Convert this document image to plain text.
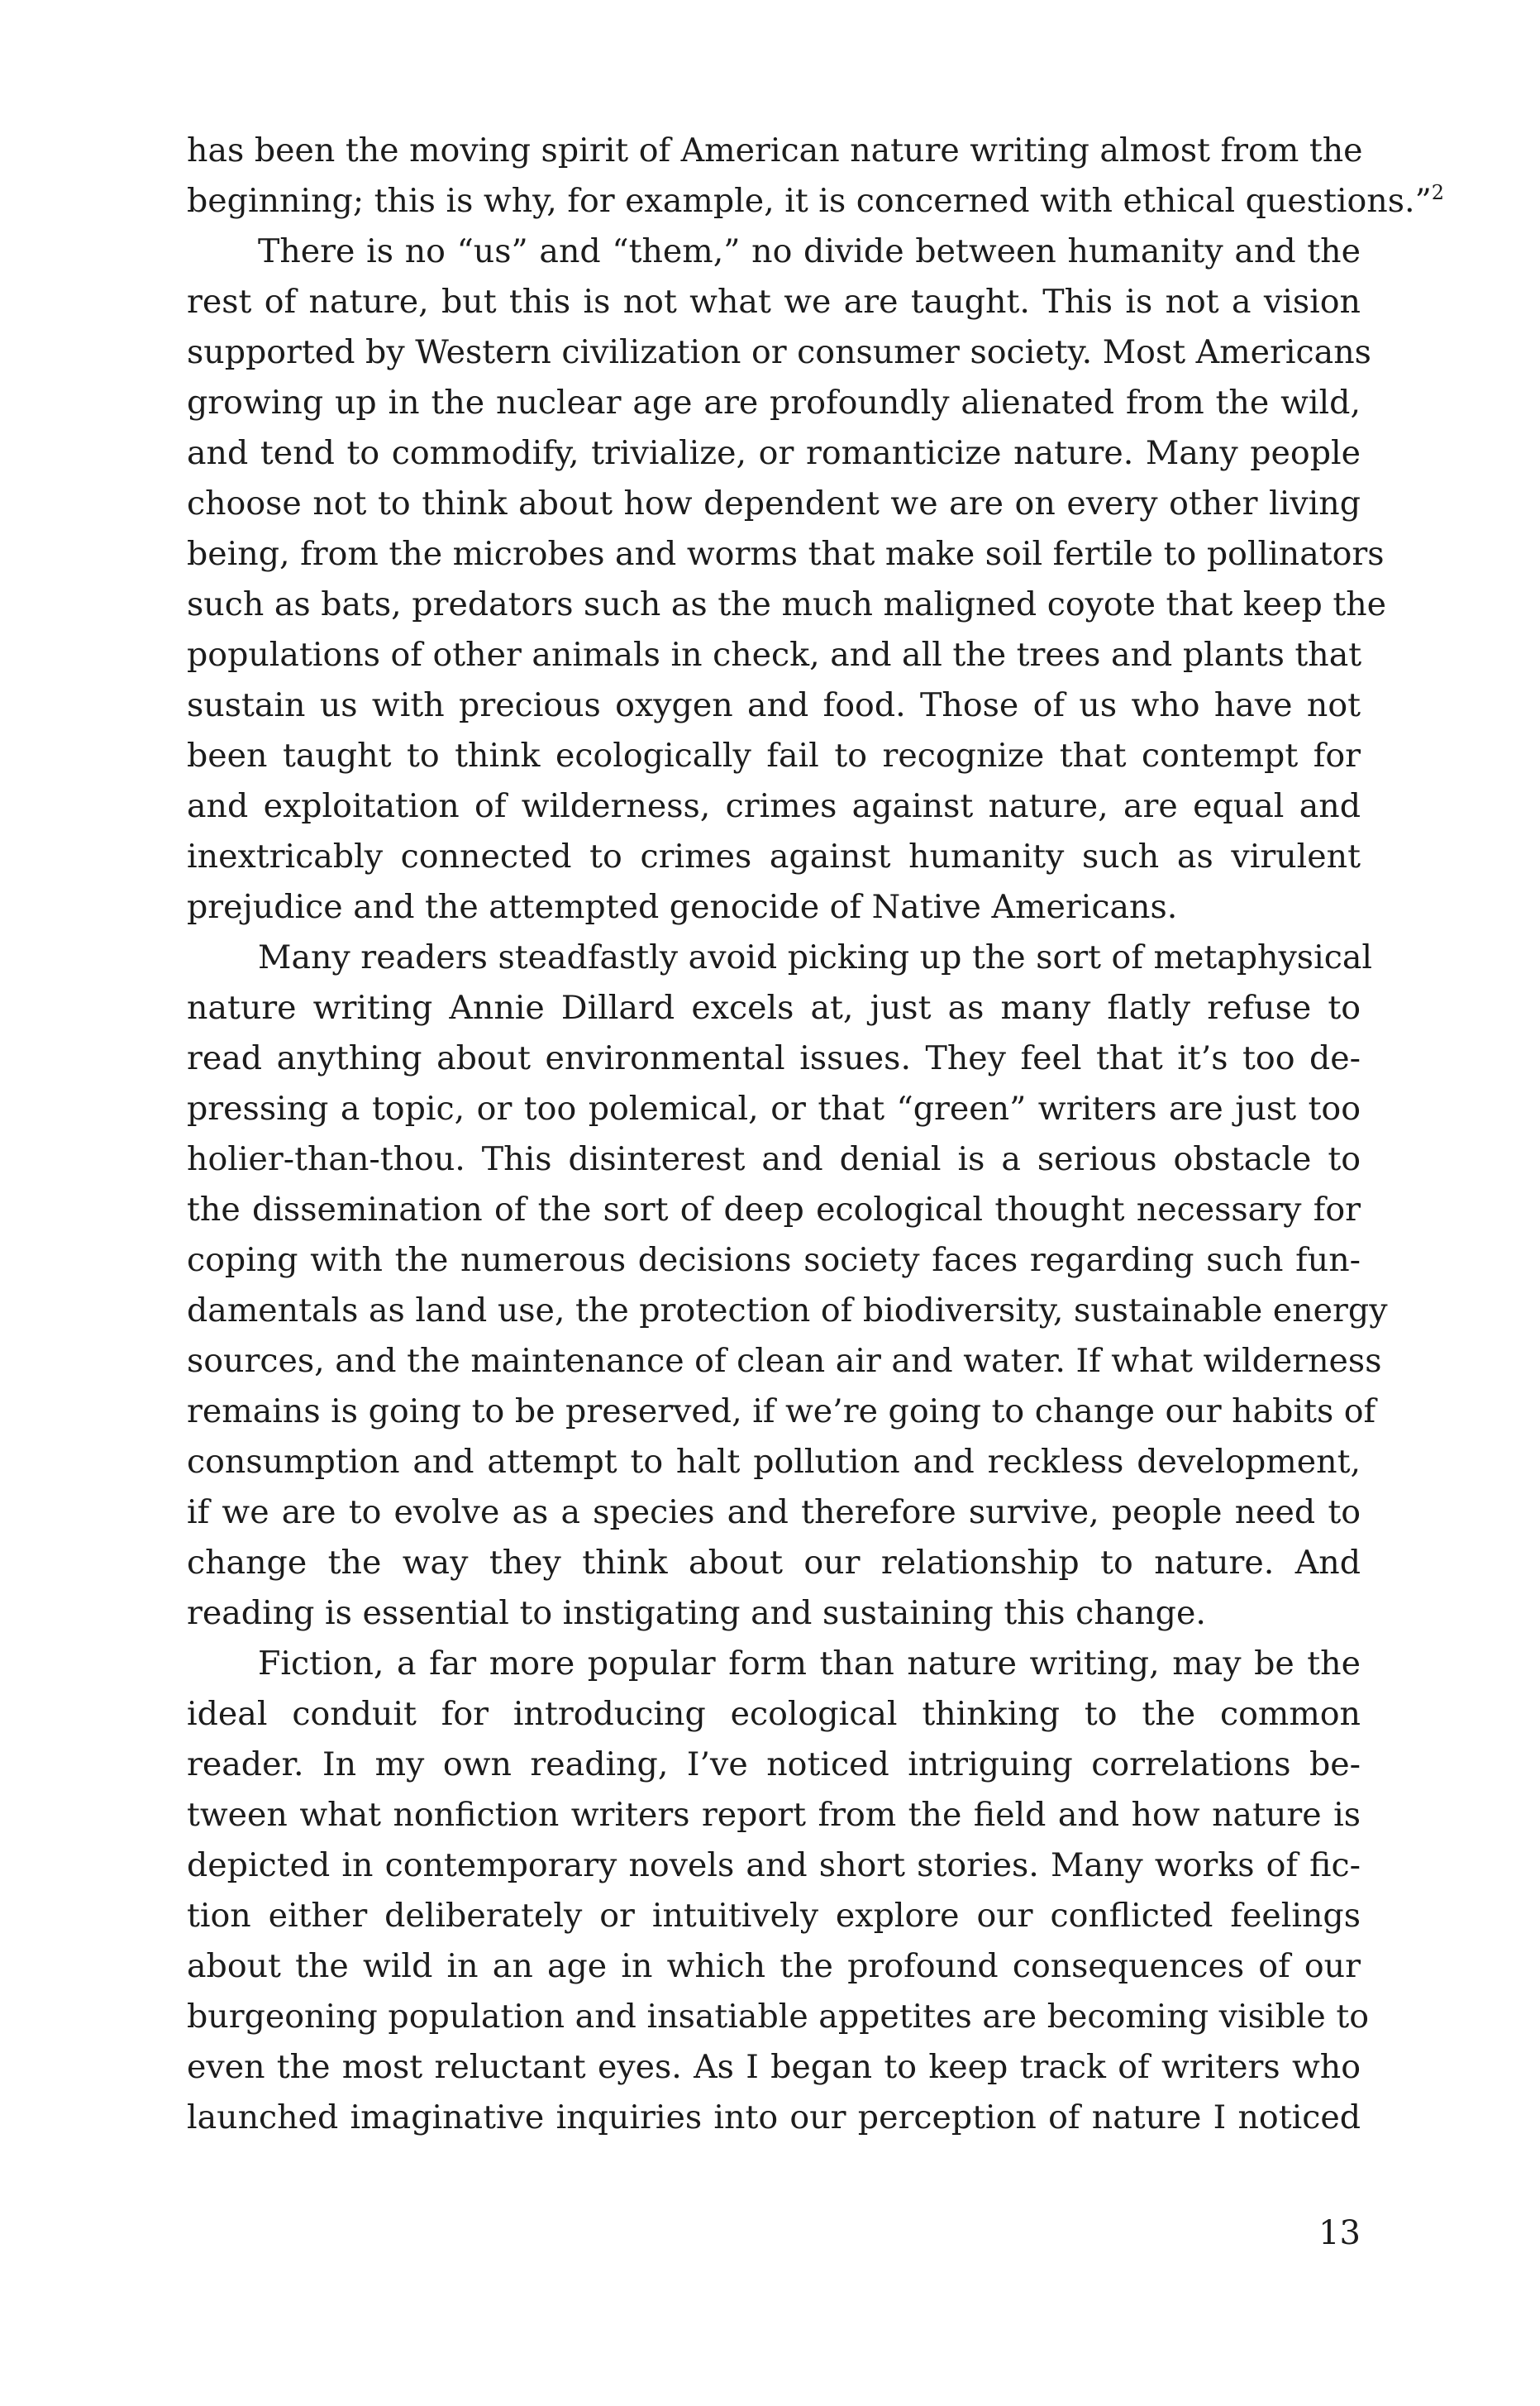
has been the moving spirit of American nature writing almost from the
beginning; this is why, for example, it is concerned with ethical questions.”$^2$
There is no “us” and “them,” no divide between humanity and the
rest of nature, but this is not what we are taught. This is not a vision
supported by Western civilization or consumer society. Most Americans
growing up in the nuclear age are profoundly alienated from the wild,
and tend to commodify, trivialize, or romanticize nature. Many people
choose not to think about how dependent we are on every other living
being, from the microbes and worms that make soil fertile to pollinators
such as bats, predators such as the much maligned coyote that keep the
populations of other animals in check, and all the trees and plants that
sustain us with precious oxygen and food. Those of us who have not
been taught to think ecologically fail to recognize that contempt for
and exploitation of wilderness, crimes against nature, are equal and
inextricably connected to crimes against humanity such as virulent
prejudice and the attempted genocide of Native Americans.
Many readers steadfastly avoid picking up the sort of metaphysical
nature writing Annie Dillard excels at, just as many flatly refuse to
read anything about environmental issues. They feel that it’s too de-
pressing a topic, or too polemical, or that “green” writers are just too
holier-than-thou. This disinterest and denial is a serious obstacle to
the dissemination of the sort of deep ecological thought necessary for
coping with the numerous decisions society faces regarding such fun-
damentals as land use, the protection of biodiversity, sustainable energy
sources, and the maintenance of clean air and water. If what wilderness
remains is going to be preserved, if we’re going to change our habits of
consumption and attempt to halt pollution and reckless development,
if we are to evolve as a species and therefore survive, people need to
change the way they think about our relationship to nature. And
reading is essential to instigating and sustaining this change.
Fiction, a far more popular form than nature writing, may be the
ideal conduit for introducing ecological thinking to the common
reader. In my own reading, I’ve noticed intriguing correlations be-
tween what nonfiction writers report from the field and how nature is
depicted in contemporary novels and short stories. Many works of fic-
tion either deliberately or intuitively explore our conflicted feelings
about the wild in an age in which the profound consequences of our
burgeoning population and insatiable appetites are becoming visible to
even the most reluctant eyes. As I began to keep track of writers who
launched imaginative inquiries into our perception of nature I noticed
13
